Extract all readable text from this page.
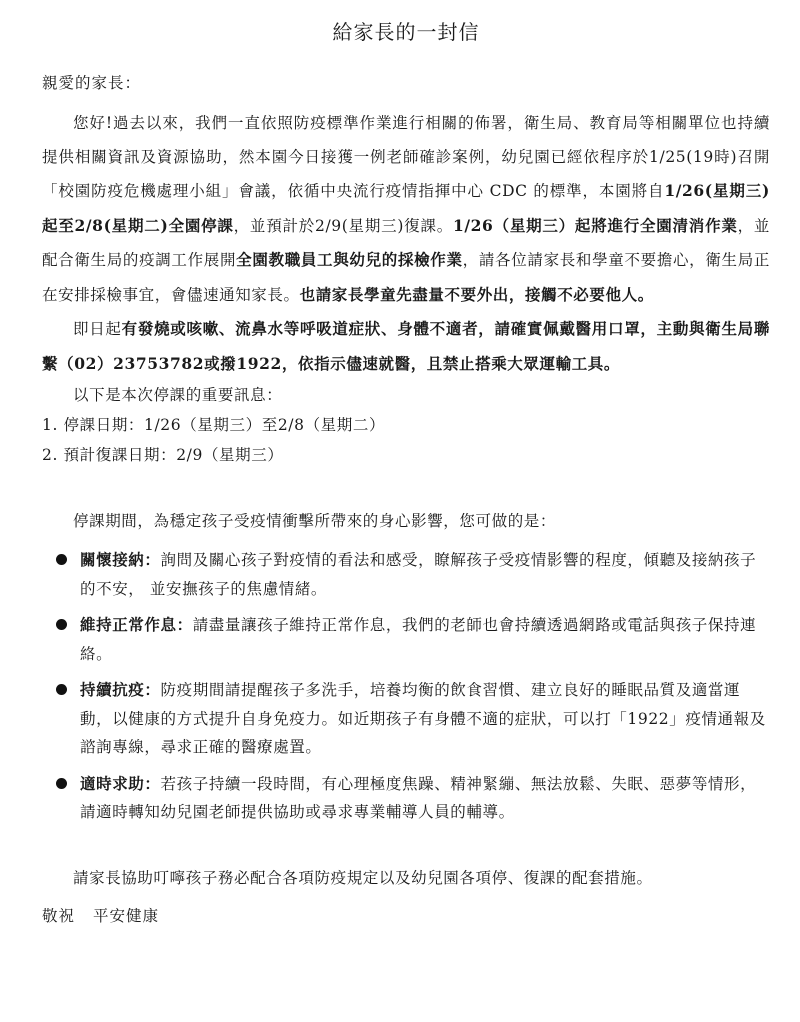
給家長的一封信
親愛的家長：

您好!過去以來，我們一直依照防疫標準作業進行相關的佈署，衛生局、教育局等相關單位也持續提供相關資訊及資源協助，然本園今日接獲一例老師確診案例，幼兒園已經依程序於1/25(19時)召開「校園防疫危機處理小組」會議，依循中央流行疫情指揮中心 CDC 的標準，本園將自1/26(星期三)起至2/8(星期二)全園停課，並預計於2/9(星期三)復課。1/26（星期三）起將進行全園清消作業，並配合衛生局的疫調工作展開全園教職員工與幼兒的採檢作業，請各位請家長和學童不要擔心，衛生局正在安排採檢事宜，會儘速通知家長。也請家長學童先盡量不要外出，接觸不必要他人。

即日起有發燒或咳嗽、流鼻水等呼吸道症狀、身體不適者，請確實佩戴醫用口罩，主動與衛生局聯繫（02）23753782或撥1922，依指示儘速就醫，且禁止搭乘大眾運輸工具。

以下是本次停課的重要訊息：
1. 停課日期：1/26（星期三）至2/8（星期二）
2. 預計復課日期：2/9（星期三）
停課期間，為穩定孩子受疫情衝擊所帶來的身心影響，您可做的是：
關懷接納：詢問及關心孩子對疫情的看法和感受，瞭解孩子受疫情影響的程度，傾聽及接納孩子的不安， 並安撫孩子的焦慮情緒。
維持正常作息：請盡量讓孩子維持正常作息，我們的老師也會持續透過網路或電話與孩子保持連絡。
持續抗疫：防疫期間請提醒孩子多洗手，培養均衡的飲食習慣、建立良好的睡眠品質及適當運動，以健康的方式提升自身免疫力。如近期孩子有身體不適的症狀，可以打「1922」疫情通報及諮詢專線，尋求正確的醫療處置。
適時求助：若孩子持續一段時間，有心理極度焦躁、精神緊繃、無法放鬆、失眠、惡夢等情形，請適時轉知幼兒園老師提供協助或尋求專業輔導人員的輔導。
請家長協助叮嚀孩子務必配合各項防疫規定以及幼兒園各項停、復課的配套措施。
敬祝 平安健康
